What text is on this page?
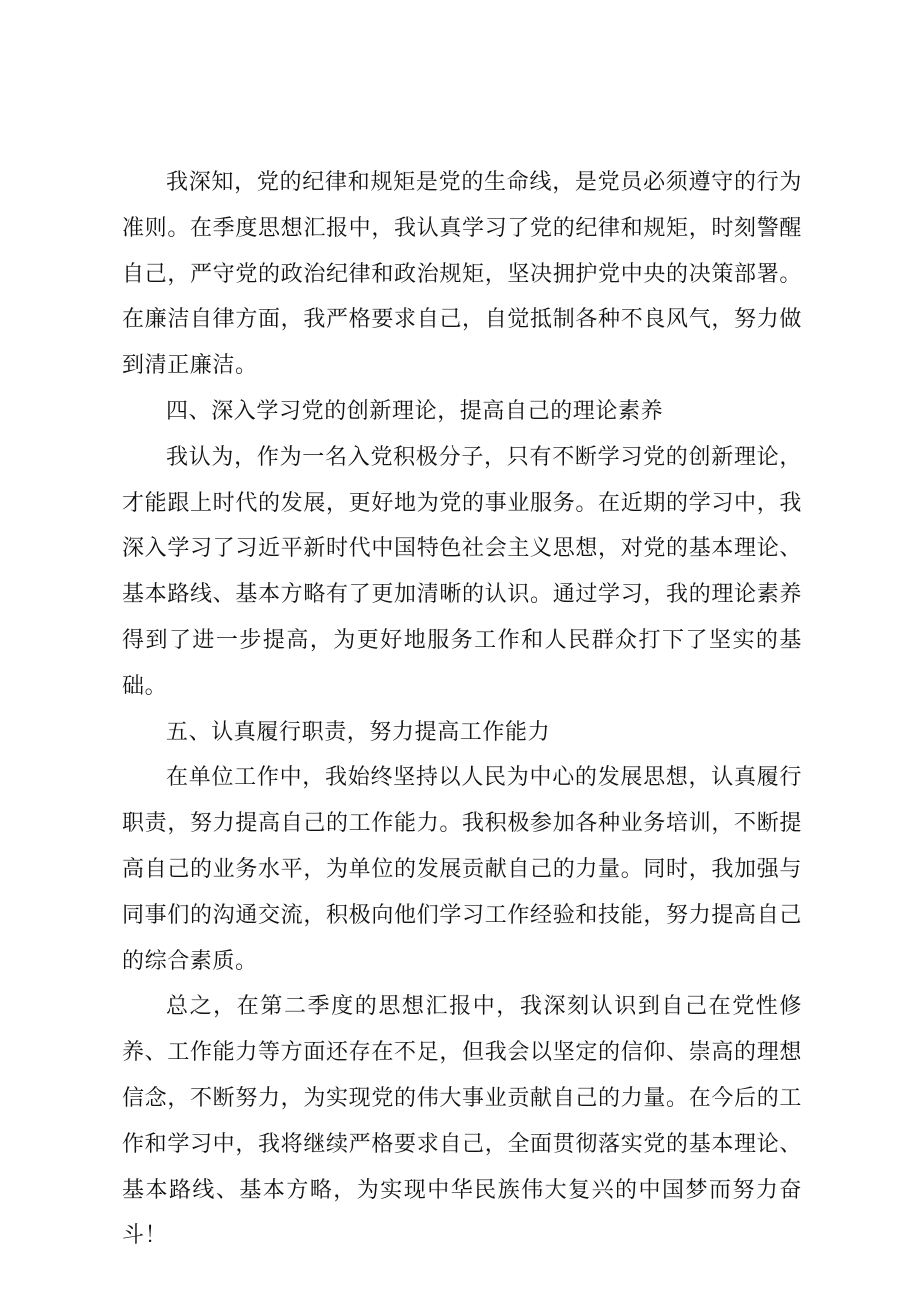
我深知，党的纪律和规矩是党的生命线，是党员必须遵守的行为准则。在季度思想汇报中，我认真学习了党的纪律和规矩，时刻警醒自己，严守党的政治纪律和政治规矩，坚决拥护党中央的决策部署。在廉洁自律方面，我严格要求自己，自觉抵制各种不良风气，努力做到清正廉洁。

四、深入学习党的创新理论，提高自己的理论素养

我认为，作为一名入党积极分子，只有不断学习党的创新理论，才能跟上时代的发展，更好地为党的事业服务。在近期的学习中，我深入学习了习近平新时代中国特色社会主义思想，对党的基本理论、基本路线、基本方略有了更加清晰的认识。通过学习，我的理论素养得到了进一步提高，为更好地服务工作和人民群众打下了坚实的基础。

五、认真履行职责，努力提高工作能力

在单位工作中，我始终坚持以人民为中心的发展思想，认真履行职责，努力提高自己的工作能力。我积极参加各种业务培训，不断提高自己的业务水平，为单位的发展贡献自己的力量。同时，我加强与同事们的沟通交流，积极向他们学习工作经验和技能，努力提高自己的综合素质。

总之，在第二季度的思想汇报中，我深刻认识到自己在党性修养、工作能力等方面还存在不足，但我会以坚定的信仰、崇高的理想信念，不断努力，为实现党的伟大事业贡献自己的力量。在今后的工作和学习中，我将继续严格要求自己，全面贯彻落实党的基本理论、基本路线、基本方略，为实现中华民族伟大复兴的中国梦而努力奋斗！
